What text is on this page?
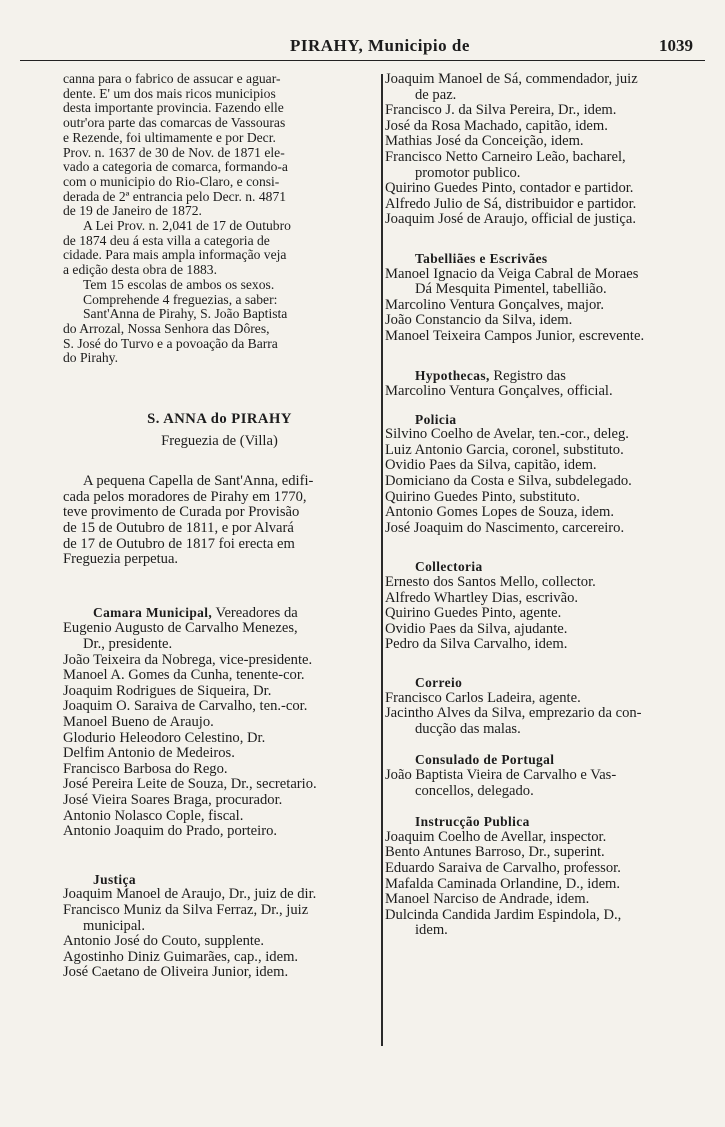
PIRAHY, Municipio de	1039
canna para o fabrico de assucar e aguar-
dente. E' um dos mais ricos municipios
desta importante provincia. Fazendo elle
outr'ora parte das comarcas de Vassouras
e Rezende, foi ultimamente e por Decr.
Prov. n. 1637 de 30 de Nov. de 1871 ele-
vado a categoria de comarca, formando-a
com o municipio do Rio-Claro, e consi-
derada de 2ª entrancia pelo Decr. n. 4871
de 19 de Janeiro de 1872.
A Lei Prov. n. 2,041 de 17 de Outubro
de 1874 deu á esta villa a categoria de
cidade. Para mais ampla informação veja
a edição desta obra de 1883.
Tem 15 escolas de ambos os sexos.
Comprehende 4 freguezias, a saber:
Sant'Anna de Pirahy, S. João Baptista
do Arrozal, Nossa Senhora das Dôres,
S. José do Turvo e a povoação da Barra
do Pirahy.
S. ANNA do PIRAHY
Freguezia de (Villa)
A pequena Capella de Sant'Anna, edifi-
cada pelos moradores de Pirahy em 1770,
teve provimento de Curada por Provisão
de 15 de Outubro de 1811, e por Alvará
de 17 de Outubro de 1817 foi erecta em
Freguezia perpetua.
Camara Municipal, Vereadores da
Eugenio Augusto de Carvalho Menezes,
Dr., presidente.
João Teixeira da Nobrega, vice-presidente.
Manoel A. Gomes da Cunha, tenente-cor.
Joaquim Rodrigues de Siqueira, Dr.
Joaquim O. Saraiva de Carvalho, ten.-cor.
Manoel Bueno de Araujo.
Glodurio Heleodoro Celestino, Dr.
Delfim Antonio de Medeiros.
Francisco Barbosa do Rego.
José Pereira Leite de Souza, Dr., secretario.
José Vieira Soares Braga, procurador.
Antonio Nolasco Cople, fiscal.
Antonio Joaquim do Prado, porteiro.
Justiça
Joaquim Manoel de Araujo, Dr., juiz de dir.
Francisco Muniz da Silva Ferraz, Dr., juiz
municipal.
Antonio José do Couto, supplente.
Agostinho Diniz Guimarães, cap., idem.
José Caetano de Oliveira Junior, idem.
Joaquim Manoel de Sá, commendador, juiz
de paz.
Francisco J. da Silva Pereira, Dr., idem.
José da Rosa Machado, capitão, idem.
Mathias José da Conceição, idem.
Francisco Netto Carneiro Leão, bacharel,
promotor publico.
Quirino Guedes Pinto, contador e partidor.
Alfredo Julio de Sá, distribuidor e partidor.
Joaquim José de Araujo, official de justiça.
Tabelliães e Escrivães
Manoel Ignacio da Veiga Cabral de Moraes
Dá Mesquita Pimentel, tabellião.
Marcolino Ventura Gonçalves, major.
João Constancio da Silva, idem.
Manoel Teixeira Campos Junior, escrevente.
Hypothecas, Registro das
Marcolino Ventura Gonçalves, official.
Policia
Silvino Coelho de Avelar, ten.-cor., deleg.
Luiz Antonio Garcia, coronel, substituto.
Ovidio Paes da Silva, capitão, idem.
Domiciano da Costa e Silva, subdelegado.
Quirino Guedes Pinto, substituto.
Antonio Gomes Lopes de Souza, idem.
José Joaquim do Nascimento, carcereiro.
Collectoria
Ernesto dos Santos Mello, collector.
Alfredo Whartley Dias, escrivão.
Quirino Guedes Pinto, agente.
Ovidio Paes da Silva, ajudante.
Pedro da Silva Carvalho, idem.
Correio
Francisco Carlos Ladeira, agente.
Jacintho Alves da Silva, emprezario da con-
ducção das malas.
Consulado de Portugal
João Baptista Vieira de Carvalho e Vas-
concellos, delegado.
Instrucção Publica
Joaquim Coelho de Avellar, inspector.
Bento Antunes Barroso, Dr., superint.
Eduardo Saraiva de Carvalho, professor.
Mafalda Caminada Orlandine, D., idem.
Manoel Narciso de Andrade, idem.
Dulcinda Candida Jardim Espindola, D.,
idem.
